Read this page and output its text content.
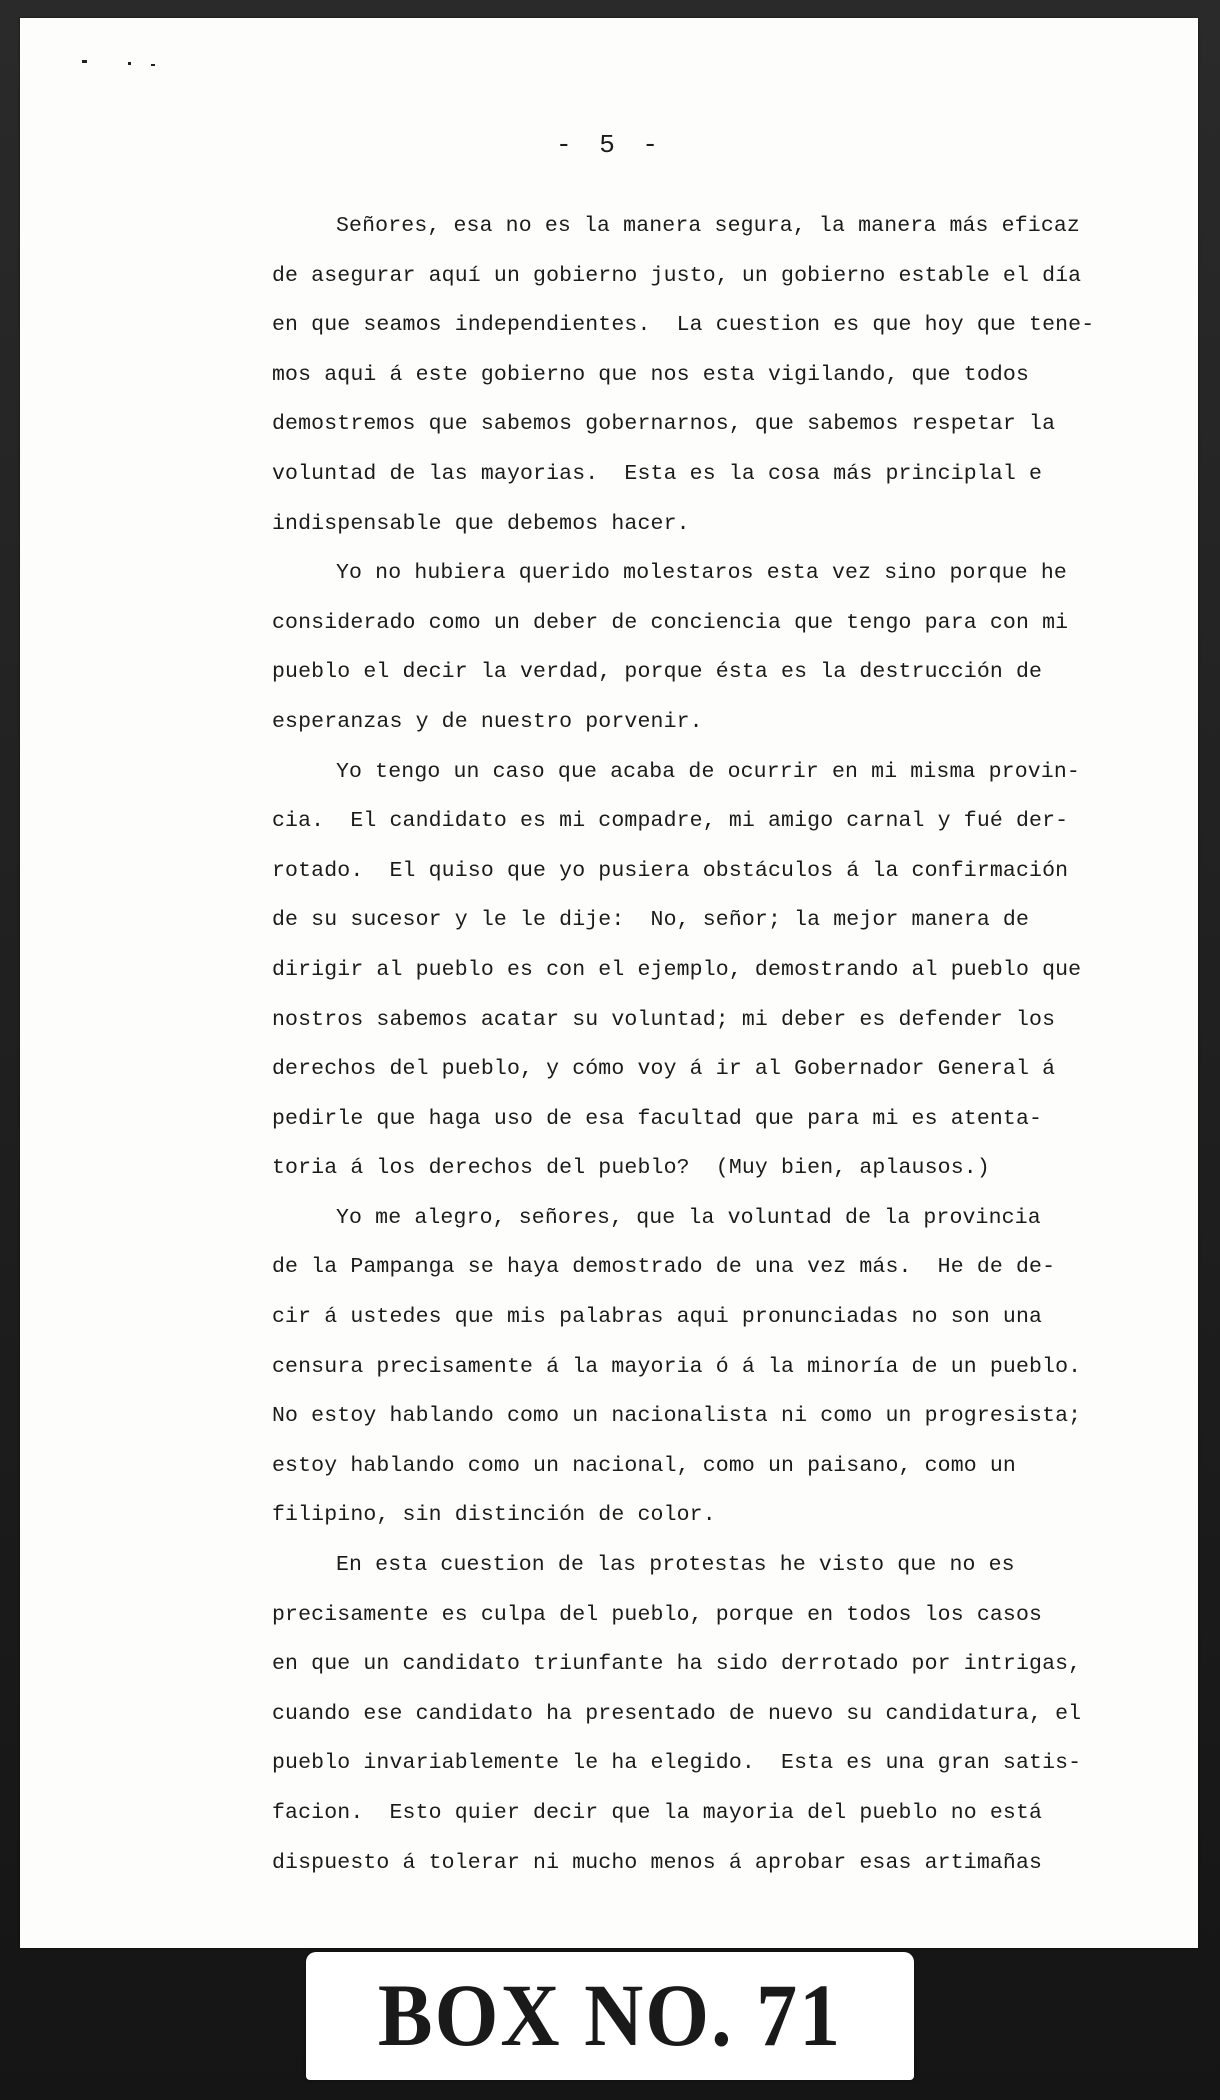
- 5 -
Señores, esa no es la manera segura, la manera más eficaz
de asegurar aquí un gobierno justo, un gobierno estable el día
en que seamos independientes.  La cuestion es que hoy que tene-
mos aqui á este gobierno que nos esta vigilando, que todos
demostremos que sabemos gobernarnos, que sabemos respetar la
voluntad de las mayorias.  Esta es la cosa más principlal e
indispensable que debemos hacer.
Yo no hubiera querido molestaros esta vez sino porque he
considerado como un deber de conciencia que tengo para con mi
pueblo el decir la verdad, porque ésta es la destrucción de
esperanzas y de nuestro porvenir.
Yo tengo un caso que acaba de ocurrir en mi misma provin-
cia.  El candidato es mi compadre, mi amigo carnal y fué der-
rotado.  El quiso que yo pusiera obstáculos á la confirmación
de su sucesor y le le dije:  No, señor; la mejor manera de
dirigir al pueblo es con el ejemplo, demostrando al pueblo que
nostros sabemos acatar su voluntad; mi deber es defender los
derechos del pueblo, y cómo voy á ir al Gobernador General á
pedirle que haga uso de esa facultad que para mi es atenta-
toria á los derechos del pueblo?  (Muy bien, aplausos.)
Yo me alegro, señores, que la voluntad de la provincia
de la Pampanga se haya demostrado de una vez más.  He de de-
cir á ustedes que mis palabras aqui pronunciadas no son una
censura precisamente á la mayoria ó á la minoría de un pueblo.
No estoy hablando como un nacionalista ni como un progresista;
estoy hablando como un nacional, como un paisano, como un
filipino, sin distinción de color.
En esta cuestion de las protestas he visto que no es
precisamente es culpa del pueblo, porque en todos los casos
en que un candidato triunfante ha sido derrotado por intrigas,
cuando ese candidato ha presentado de nuevo su candidatura, el
pueblo invariablemente le ha elegido.  Esta es una gran satis-
facion.  Esto quier decir que la mayoria del pueblo no está
dispuesto á tolerar ni mucho menos á aprobar esas artimañas
BOX NO. 71
